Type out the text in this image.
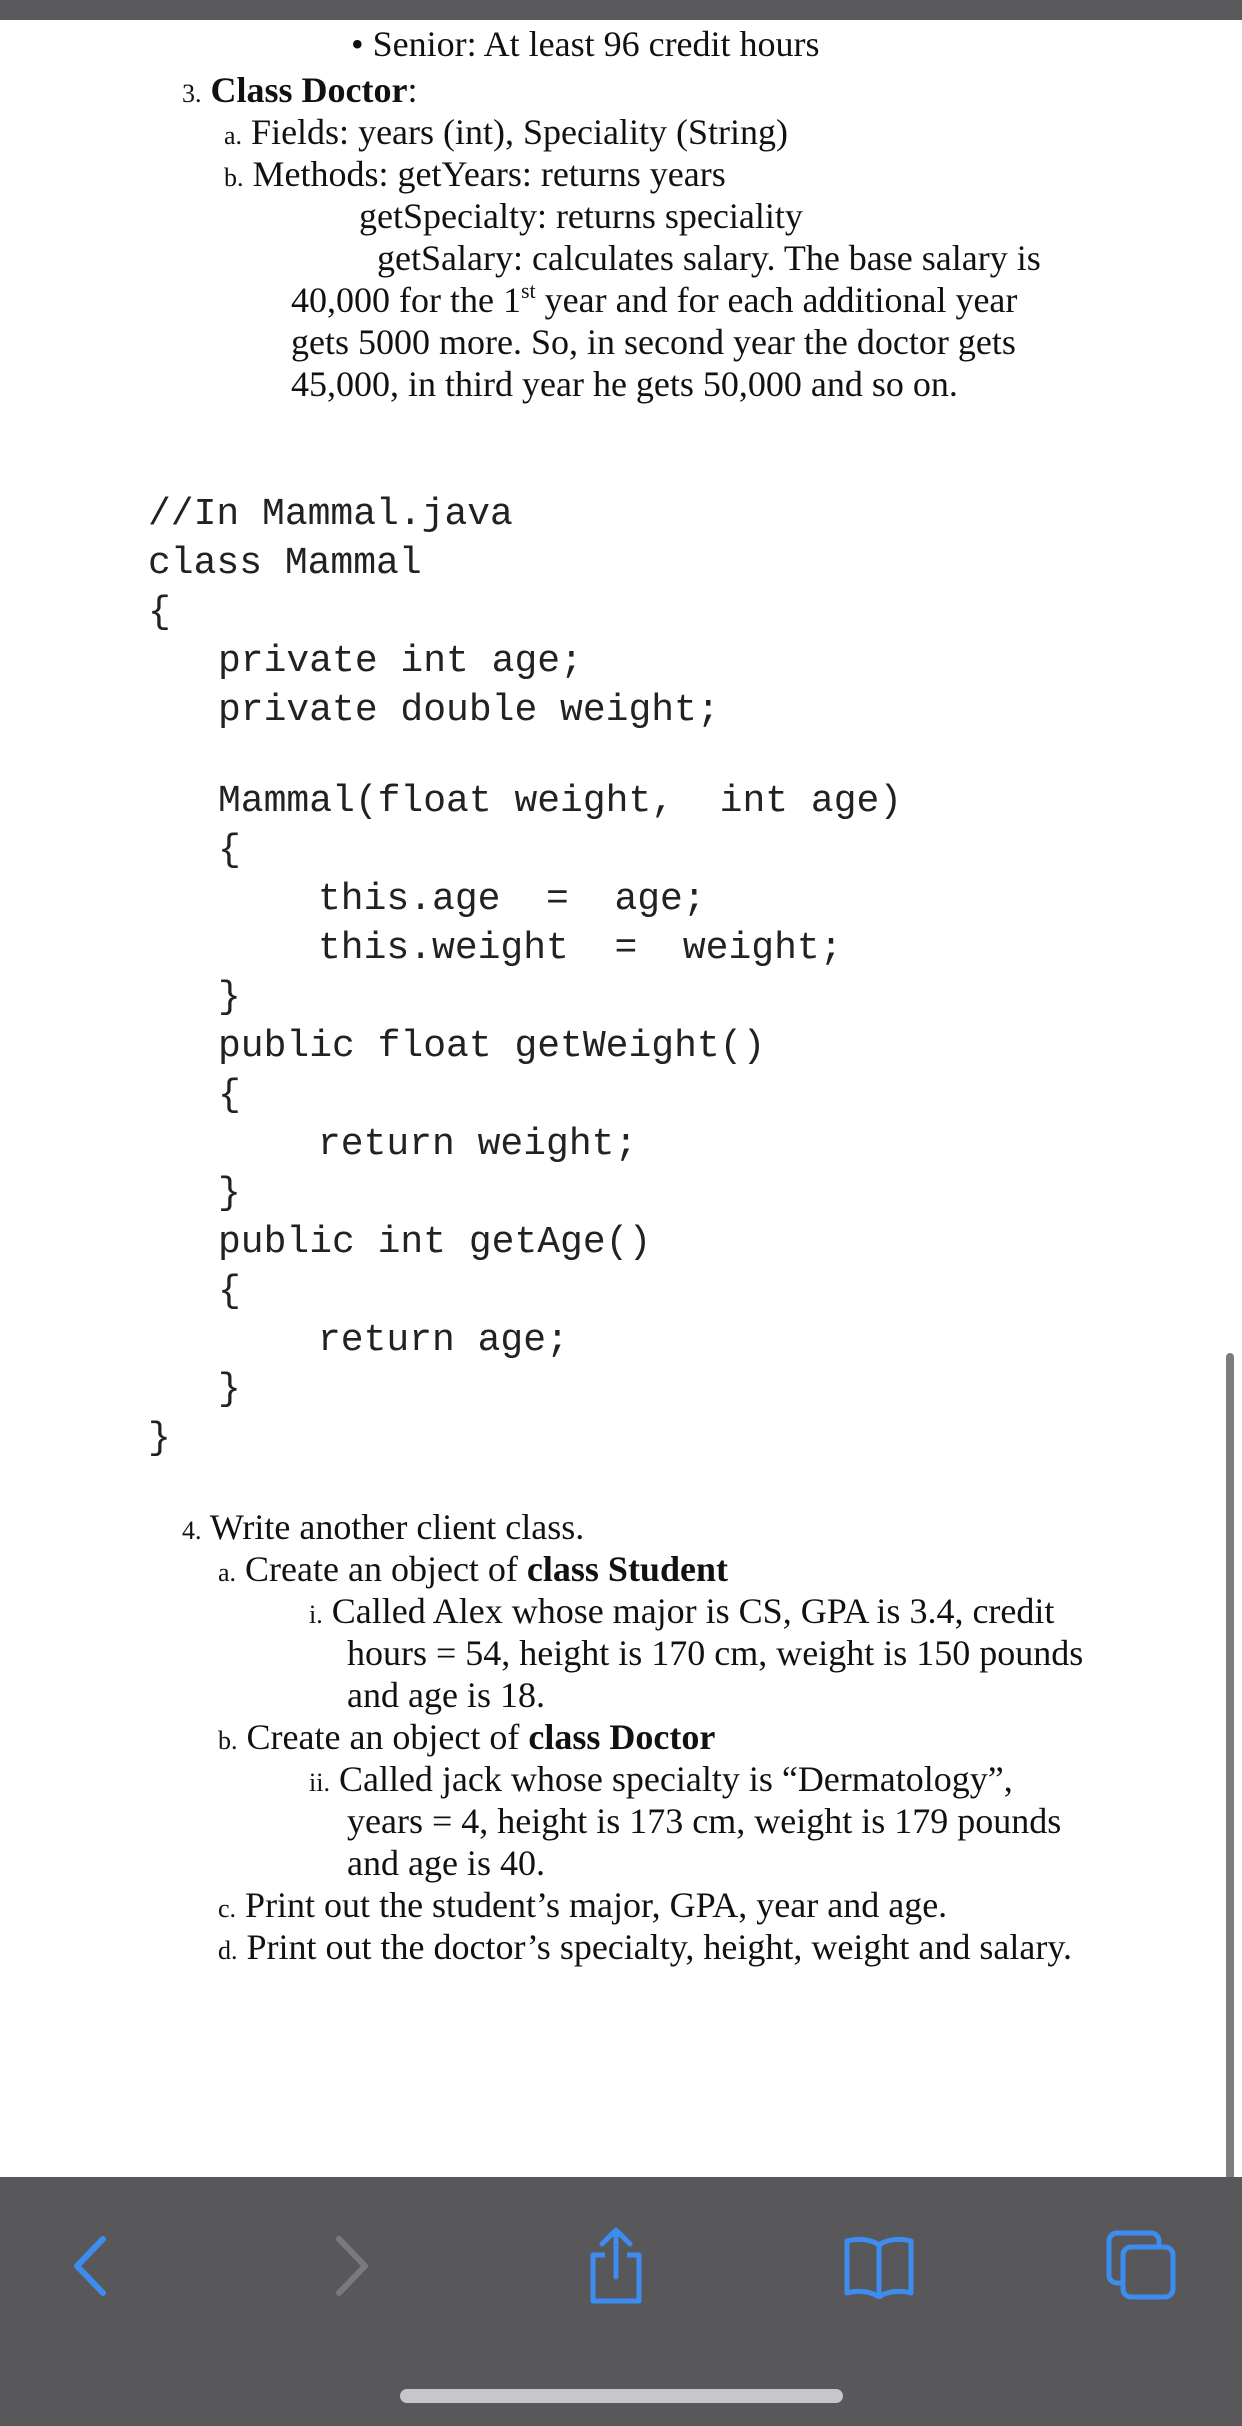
• Senior: At least 96 credit hours
3. Class Doctor:
a. Fields: years (int), Speciality (String)
b. Methods: getYears: returns years
getSpecialty: returns speciality
getSalary: calculates salary. The base salary is
40,000 for the 1st year and for each additional year
gets 5000 more. So, in second year the doctor gets
45,000, in third year he gets 50,000 and so on.
//In Mammal.java
class Mammal
{
private int age;
private double weight;
Mammal(float weight,  int age)
{
this.age  =  age;
this.weight  =  weight;
}
public float getWeight()
{
return weight;
}
public int getAge()
{
return age;
}
}
4. Write another client class.
a. Create an object of class Student
i. Called Alex whose major is CS, GPA is 3.4, credit
hours = 54, height is 170 cm, weight is 150 pounds
and age is 18.
b. Create an object of class Doctor
ii. Called jack whose specialty is “Dermatology”,
years = 4, height is 173 cm, weight is 179 pounds
and age is 40.
c. Print out the student’s major, GPA, year and age.
d. Print out the doctor’s specialty, height, weight and salary.
